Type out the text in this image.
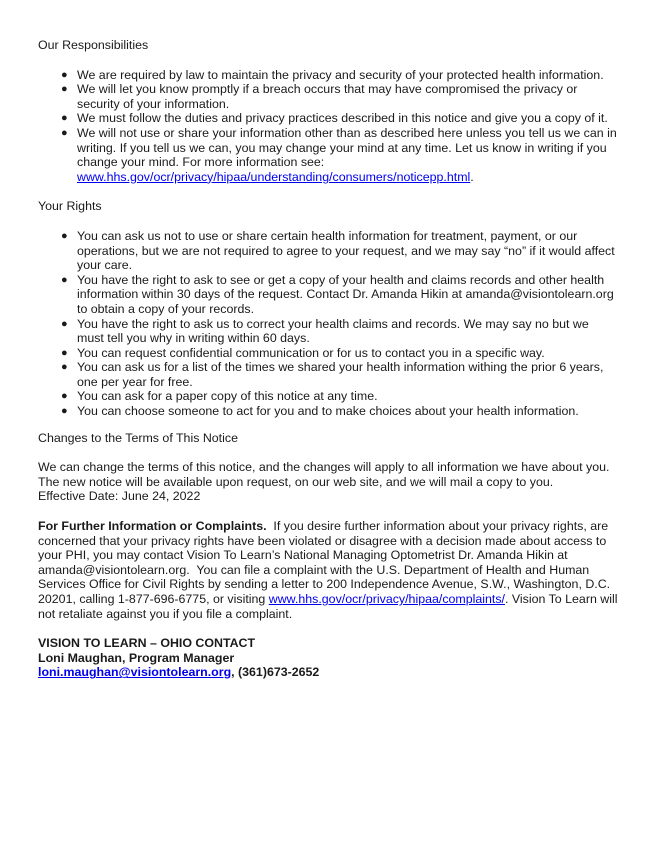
Our Responsibilities

● We are required by law to maintain the privacy and security of your protected health information.
● We will let you know promptly if a breach occurs that may have compromised the privacy or security of your information.
● We must follow the duties and privacy practices described in this notice and give you a copy of it.
● We will not use or share your information other than as described here unless you tell us we can in writing. If you tell us we can, you may change your mind at any time. Let us know in writing if you change your mind. For more information see: www.hhs.gov/ocr/privacy/hipaa/understanding/consumers/noticepp.html.

Your Rights

● You can ask us not to use or share certain health information for treatment, payment, or our operations, but we are not required to agree to your request, and we may say “no” if it would affect your care.
● You have the right to ask to see or get a copy of your health and claims records and other health information within 30 days of the request. Contact Dr. Amanda Hikin at amanda@visiontolearn.org to obtain a copy of your records.
● You have the right to ask us to correct your health claims and records. We may say no but we must tell you why in writing within 60 days.
● You can request confidential communication or for us to contact you in a specific way.
● You can ask us for a list of the times we shared your health information withing the prior 6 years, one per year for free.
● You can ask for a paper copy of this notice at any time.
● You can choose someone to act for you and to make choices about your health information.

Changes to the Terms of This Notice

We can change the terms of this notice, and the changes will apply to all information we have about you. The new notice will be available upon request, on our web site, and we will mail a copy to you.
Effective Date: June 24, 2022

For Further Information or Complaints.  If you desire further information about your privacy rights, are concerned that your privacy rights have been violated or disagree with a decision made about access to your PHI, you may contact Vision To Learn’s National Managing Optometrist Dr. Amanda Hikin at amanda@visiontolearn.org.  You can file a complaint with the U.S. Department of Health and Human Services Office for Civil Rights by sending a letter to 200 Independence Avenue, S.W., Washington, D.C. 20201, calling 1-877-696-6775, or visiting www.hhs.gov/ocr/privacy/hipaa/complaints/. Vision To Learn will not retaliate against you if you file a complaint.

VISION TO LEARN – OHIO CONTACT
Loni Maughan, Program Manager
loni.maughan@visiontolearn.org, (361)673-2652
